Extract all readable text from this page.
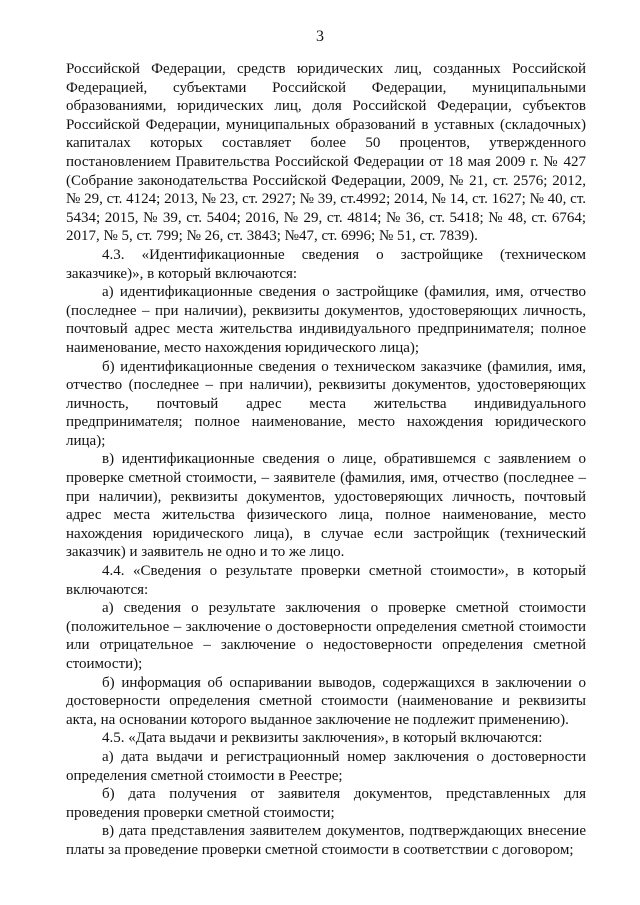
3

Российской Федерации, средств юридических лиц, созданных Российской Федерацией, субъектами Российской Федерации, муниципальными образованиями, юридических лиц, доля Российской Федерации, субъектов Российской Федерации, муниципальных образований в уставных (складочных) капиталах которых составляет более 50 процентов, утвержденного постановлением Правительства Российской Федерации от 18 мая 2009 г. № 427 (Собрание законодательства Российской Федерации, 2009, № 21, ст. 2576; 2012, № 29, ст. 4124; 2013, № 23, ст. 2927; № 39, ст.4992; 2014, № 14, ст. 1627; № 40, ст. 5434; 2015, № 39, ст. 5404; 2016, № 29, ст. 4814; № 36, ст. 5418; № 48, ст. 6764; 2017, № 5, ст. 799; № 26, ст. 3843; №47, ст. 6996; № 51, ст. 7839).

4.3. «Идентификационные сведения о застройщике (техническом заказчике)», в который включаются:

а) идентификационные сведения о застройщике (фамилия, имя, отчество (последнее – при наличии), реквизиты документов, удостоверяющих личность, почтовый адрес места жительства индивидуального предпринимателя; полное наименование, место нахождения юридического лица);

б) идентификационные сведения о техническом заказчике (фамилия, имя, отчество (последнее – при наличии), реквизиты документов, удостоверяющих личность, почтовый адрес места жительства индивидуального предпринимателя; полное наименование, место нахождения юридического лица);

в) идентификационные сведения о лице, обратившемся с заявлением о проверке сметной стоимости, – заявителе (фамилия, имя, отчество (последнее – при наличии), реквизиты документов, удостоверяющих личность, почтовый адрес места жительства физического лица, полное наименование, место нахождения юридического лица), в случае если застройщик (технический заказчик) и заявитель не одно и то же лицо.

4.4. «Сведения о результате проверки сметной стоимости», в который включаются:

а) сведения о результате заключения о проверке сметной стоимости (положительное – заключение о достоверности определения сметной стоимости или отрицательное – заключение о недостоверности определения сметной стоимости);

б) информация об оспаривании выводов, содержащихся в заключении о достоверности определения сметной стоимости (наименование и реквизиты акта, на основании которого выданное заключение не подлежит применению).

4.5. «Дата выдачи и реквизиты заключения», в который включаются:

а) дата выдачи и регистрационный номер заключения о достоверности определения сметной стоимости в Реестре;

б) дата получения от заявителя документов, представленных для проведения проверки сметной стоимости;

в) дата представления заявителем документов, подтверждающих внесение платы за проведение проверки сметной стоимости в соответствии с договором;
